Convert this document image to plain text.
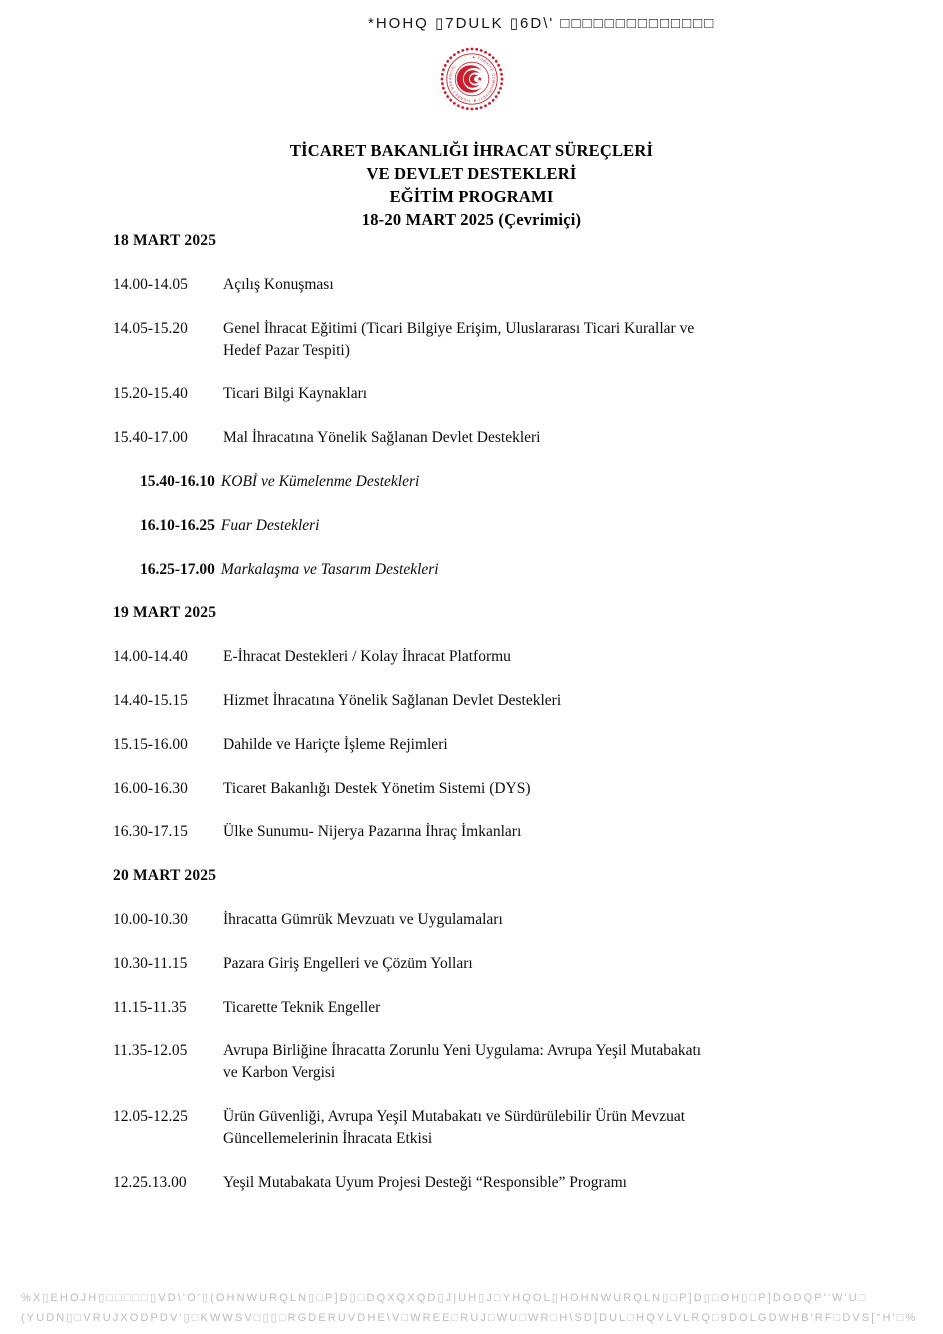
*HOHQ ▯7DULK ▯6D\' □□□□□□□□□□□□□□
★ TÜRKİYE CUMHURİYETİ ★ TİCARET BAKANLIĞI
TİCARET BAKANLIĞI İHRACAT SÜREÇLERİ
VE DEVLET DESTEKLERİ
EĞİTİM PROGRAMI
18-20 MART 2025 (Çevrimiçi)
18 MART 2025
14.00-14.05	Açılış Konuşması
14.05-15.20	Genel İhracat Eğitimi (Ticari Bilgiye Erişim, Uluslararası Ticari Kurallar ve
Hedef Pazar Tespiti)
15.20-15.40	Ticari Bilgi Kaynakları
15.40-17.00	Mal İhracatına Yönelik Sağlanan Devlet Destekleri
15.40-16.10 KOBİ ve Kümelenme Destekleri
16.10-16.25 Fuar Destekleri
16.25-17.00 Markalaşma ve Tasarım Destekleri
19 MART 2025
14.00-14.40	E-İhracat Destekleri / Kolay İhracat Platformu
14.40-15.15	Hizmet İhracatına Yönelik Sağlanan Devlet Destekleri
15.15-16.00	Dahilde ve Hariçte İşleme Rejimleri
16.00-16.30	Ticaret Bakanlığı Destek Yönetim Sistemi (DYS)
16.30-17.15	Ülke Sunumu- Nijerya Pazarına İhraç İmkanları
20 MART 2025
10.00-10.30	İhracatta Gümrük Mevzuatı ve Uygulamaları
10.30-11.15	Pazara Giriş Engelleri ve Çözüm Yolları
11.15-11.35	Ticarette Teknik Engeller
11.35-12.05	Avrupa Birliğine İhracatta Zorunlu Yeni Uygulama: Avrupa Yeşil Mutabakatı
ve Karbon Vergisi
12.05-12.25	Ürün Güvenliği, Avrupa Yeşil Mutabakatı ve Sürdürülebilir Ürün Mevzuat
Güncellemelerinin İhracata Etkisi
12.25.13.00	Yeşil Mutabakata Uyum Projesi Desteği “Responsible” Programı
%X▯EHOJH▯□□□□□▯VD\'O'▯(OHNWURQLN▯□P]D▯□DQXQXQD▯J|UH▯J□YHQOL▯HOHNWURQLN▯□P]D▯□OH▯□P]DODQP''W'U□
(YUDN▯□VRUJXODPDV'▯□KWWSV□▯▯□RGDERUVDHE\V□WREE□RUJ□WU□WR□H\SD]DUL□HQYLVLRQ□9DOLGDWHB'RF□DVS["H'□%
